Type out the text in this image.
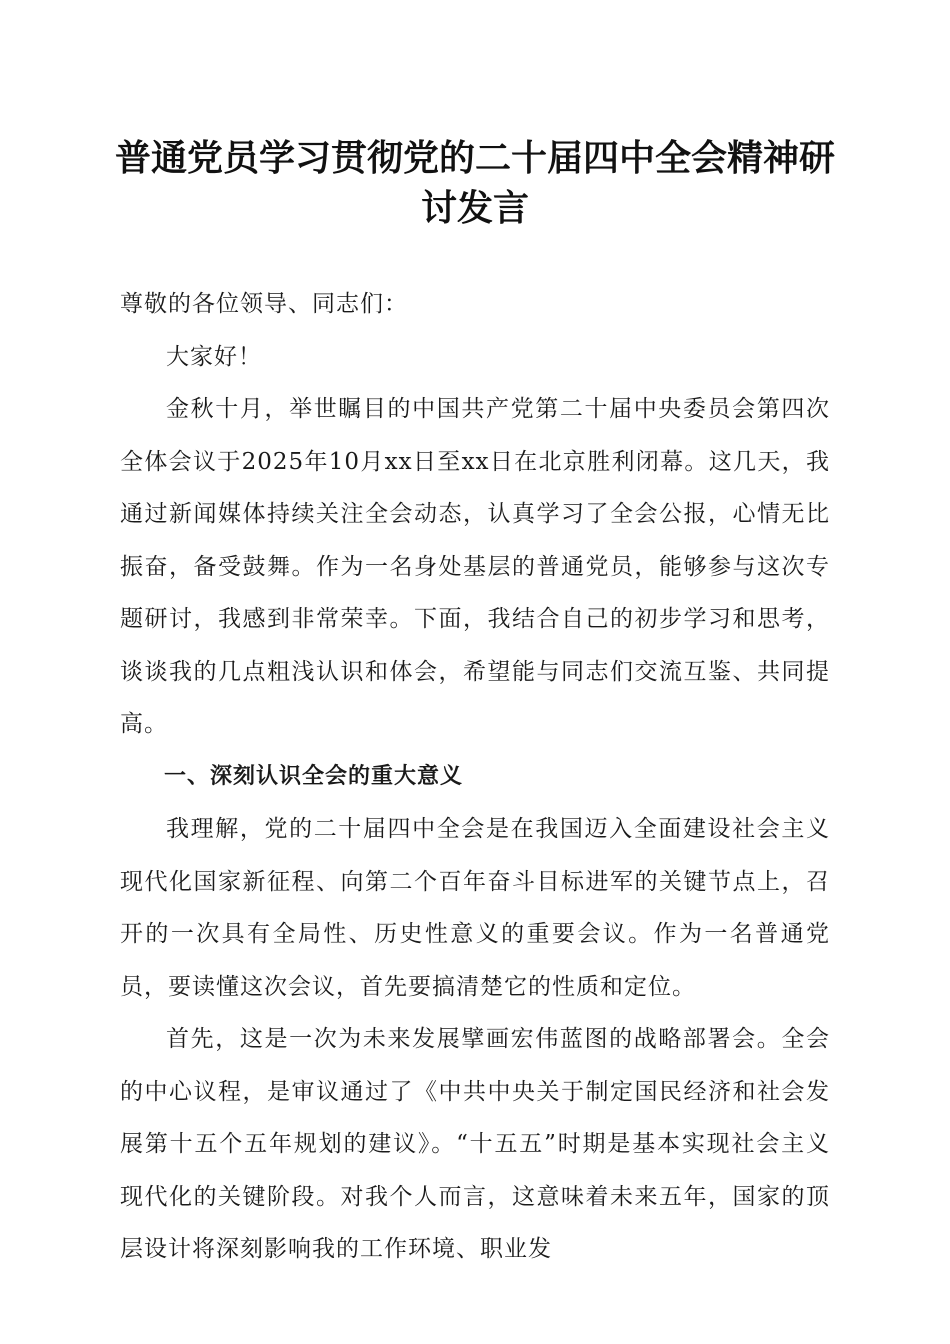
普通党员学习贯彻党的二十届四中全会精神研讨发言

尊敬的各位领导、同志们：

大家好！

金秋十月，举世瞩目的中国共产党第二十届中央委员会第四次全体会议于2025年10月xx日至xx日在北京胜利闭幕。这几天，我通过新闻媒体持续关注全会动态，认真学习了全会公报，心情无比振奋，备受鼓舞。作为一名身处基层的普通党员，能够参与这次专题研讨，我感到非常荣幸。下面，我结合自己的初步学习和思考，谈谈我的几点粗浅认识和体会，希望能与同志们交流互鉴、共同提高。

一、深刻认识全会的重大意义

我理解，党的二十届四中全会是在我国迈入全面建设社会主义现代化国家新征程、向第二个百年奋斗目标进军的关键节点上，召开的一次具有全局性、历史性意义的重要会议。作为一名普通党员，要读懂这次会议，首先要搞清楚它的性质和定位。

首先，这是一次为未来发展擘画宏伟蓝图的战略部署会。全会的中心议程，是审议通过了《中共中央关于制定国民经济和社会发展第十五个五年规划的建议》。“十五五”时期是基本实现社会主义现代化的关键阶段。对我个人而言，这意味着未来五年，国家的顶层设计将深刻影响我的工作环境、职业发
